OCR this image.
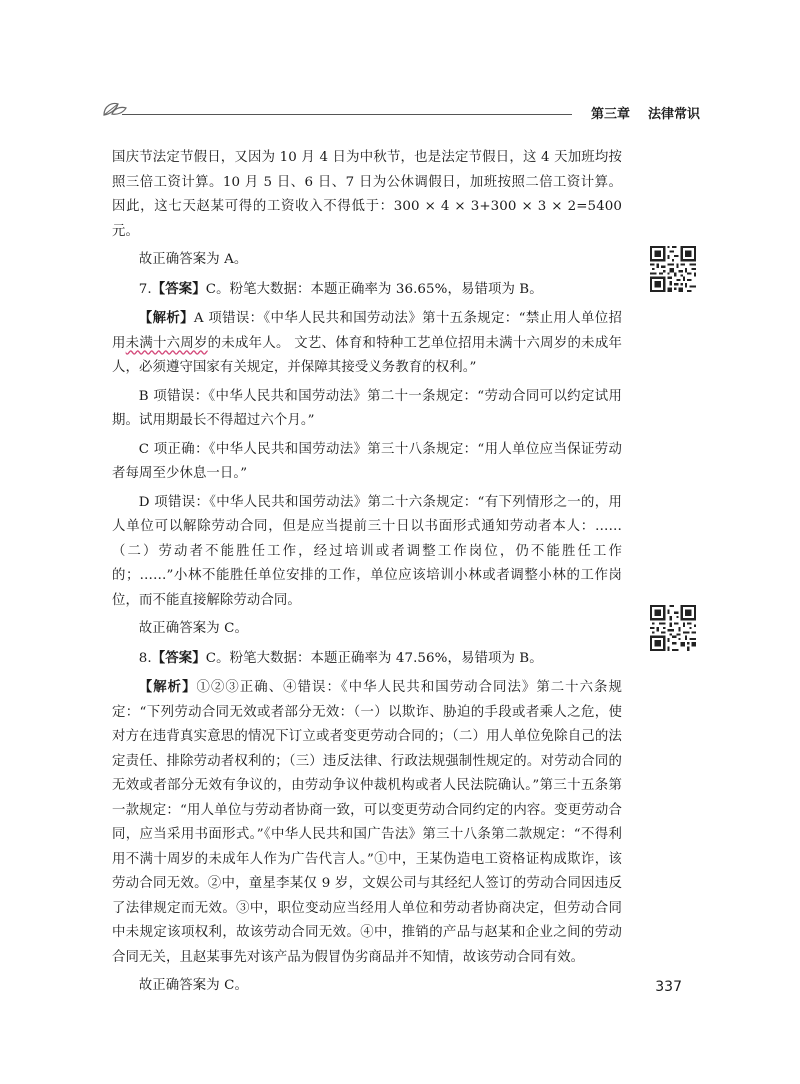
第三章 法律常识

国庆节法定节假日，又因为 10 月 4 日为中秋节，也是法定节假日，这 4 天加班均按照三倍工资计算。10 月 5 日、6 日、7 日为公休调假日，加班按照二倍工资计算。因此，这七天赵某可得的工资收入不得低于：300 × 4 × 3+300 × 3 × 2=5400 元。

故正确答案为 A。

7.【答案】C。粉笔大数据：本题正确率为 36.65%，易错项为 B。

【解析】A 项错误：《中华人民共和国劳动法》第十五条规定：“禁止用人单位招用未满十六周岁的未成年人。 文艺、体育和特种工艺单位招用未满十六周岁的未成年人，必须遵守国家有关规定，并保障其接受义务教育的权利。”

B 项错误：《中华人民共和国劳动法》第二十一条规定：“劳动合同可以约定试用期。试用期最长不得超过六个月。”

C 项正确：《中华人民共和国劳动法》第三十八条规定：“用人单位应当保证劳动者每周至少休息一日。”

D 项错误：《中华人民共和国劳动法》第二十六条规定：“有下列情形之一的，用人单位可以解除劳动合同，但是应当提前三十日以书面形式通知劳动者本人：……（二）劳动者不能胜任工作，经过培训或者调整工作岗位，仍不能胜任工作的；……”小林不能胜任单位安排的工作，单位应该培训小林或者调整小林的工作岗位，而不能直接解除劳动合同。

故正确答案为 C。

8.【答案】C。粉笔大数据：本题正确率为 47.56%，易错项为 B。

【解析】①②③正确、④错误：《中华人民共和国劳动合同法》第二十六条规定：“下列劳动合同无效或者部分无效：（一）以欺诈、胁迫的手段或者乘人之危，使对方在违背真实意思的情况下订立或者变更劳动合同的；（二）用人单位免除自己的法定责任、排除劳动者权利的；（三）违反法律、行政法规强制性规定的。对劳动合同的无效或者部分无效有争议的，由劳动争议仲裁机构或者人民法院确认。”第三十五条第一款规定：“用人单位与劳动者协商一致，可以变更劳动合同约定的内容。变更劳动合同，应当采用书面形式。”《中华人民共和国广告法》第三十八条第二款规定：“不得利用不满十周岁的未成年人作为广告代言人。”①中，王某伪造电工资格证构成欺诈，该劳动合同无效。②中，童星李某仅 9 岁，文娱公司与其经纪人签订的劳动合同因违反了法律规定而无效。③中，职位变动应当经用人单位和劳动者协商决定，但劳动合同中未规定该项权利，故该劳动合同无效。④中，推销的产品与赵某和企业之间的劳动合同无关，且赵某事先对该产品为假冒伪劣商品并不知情，故该劳动合同有效。

故正确答案为 C。	337
